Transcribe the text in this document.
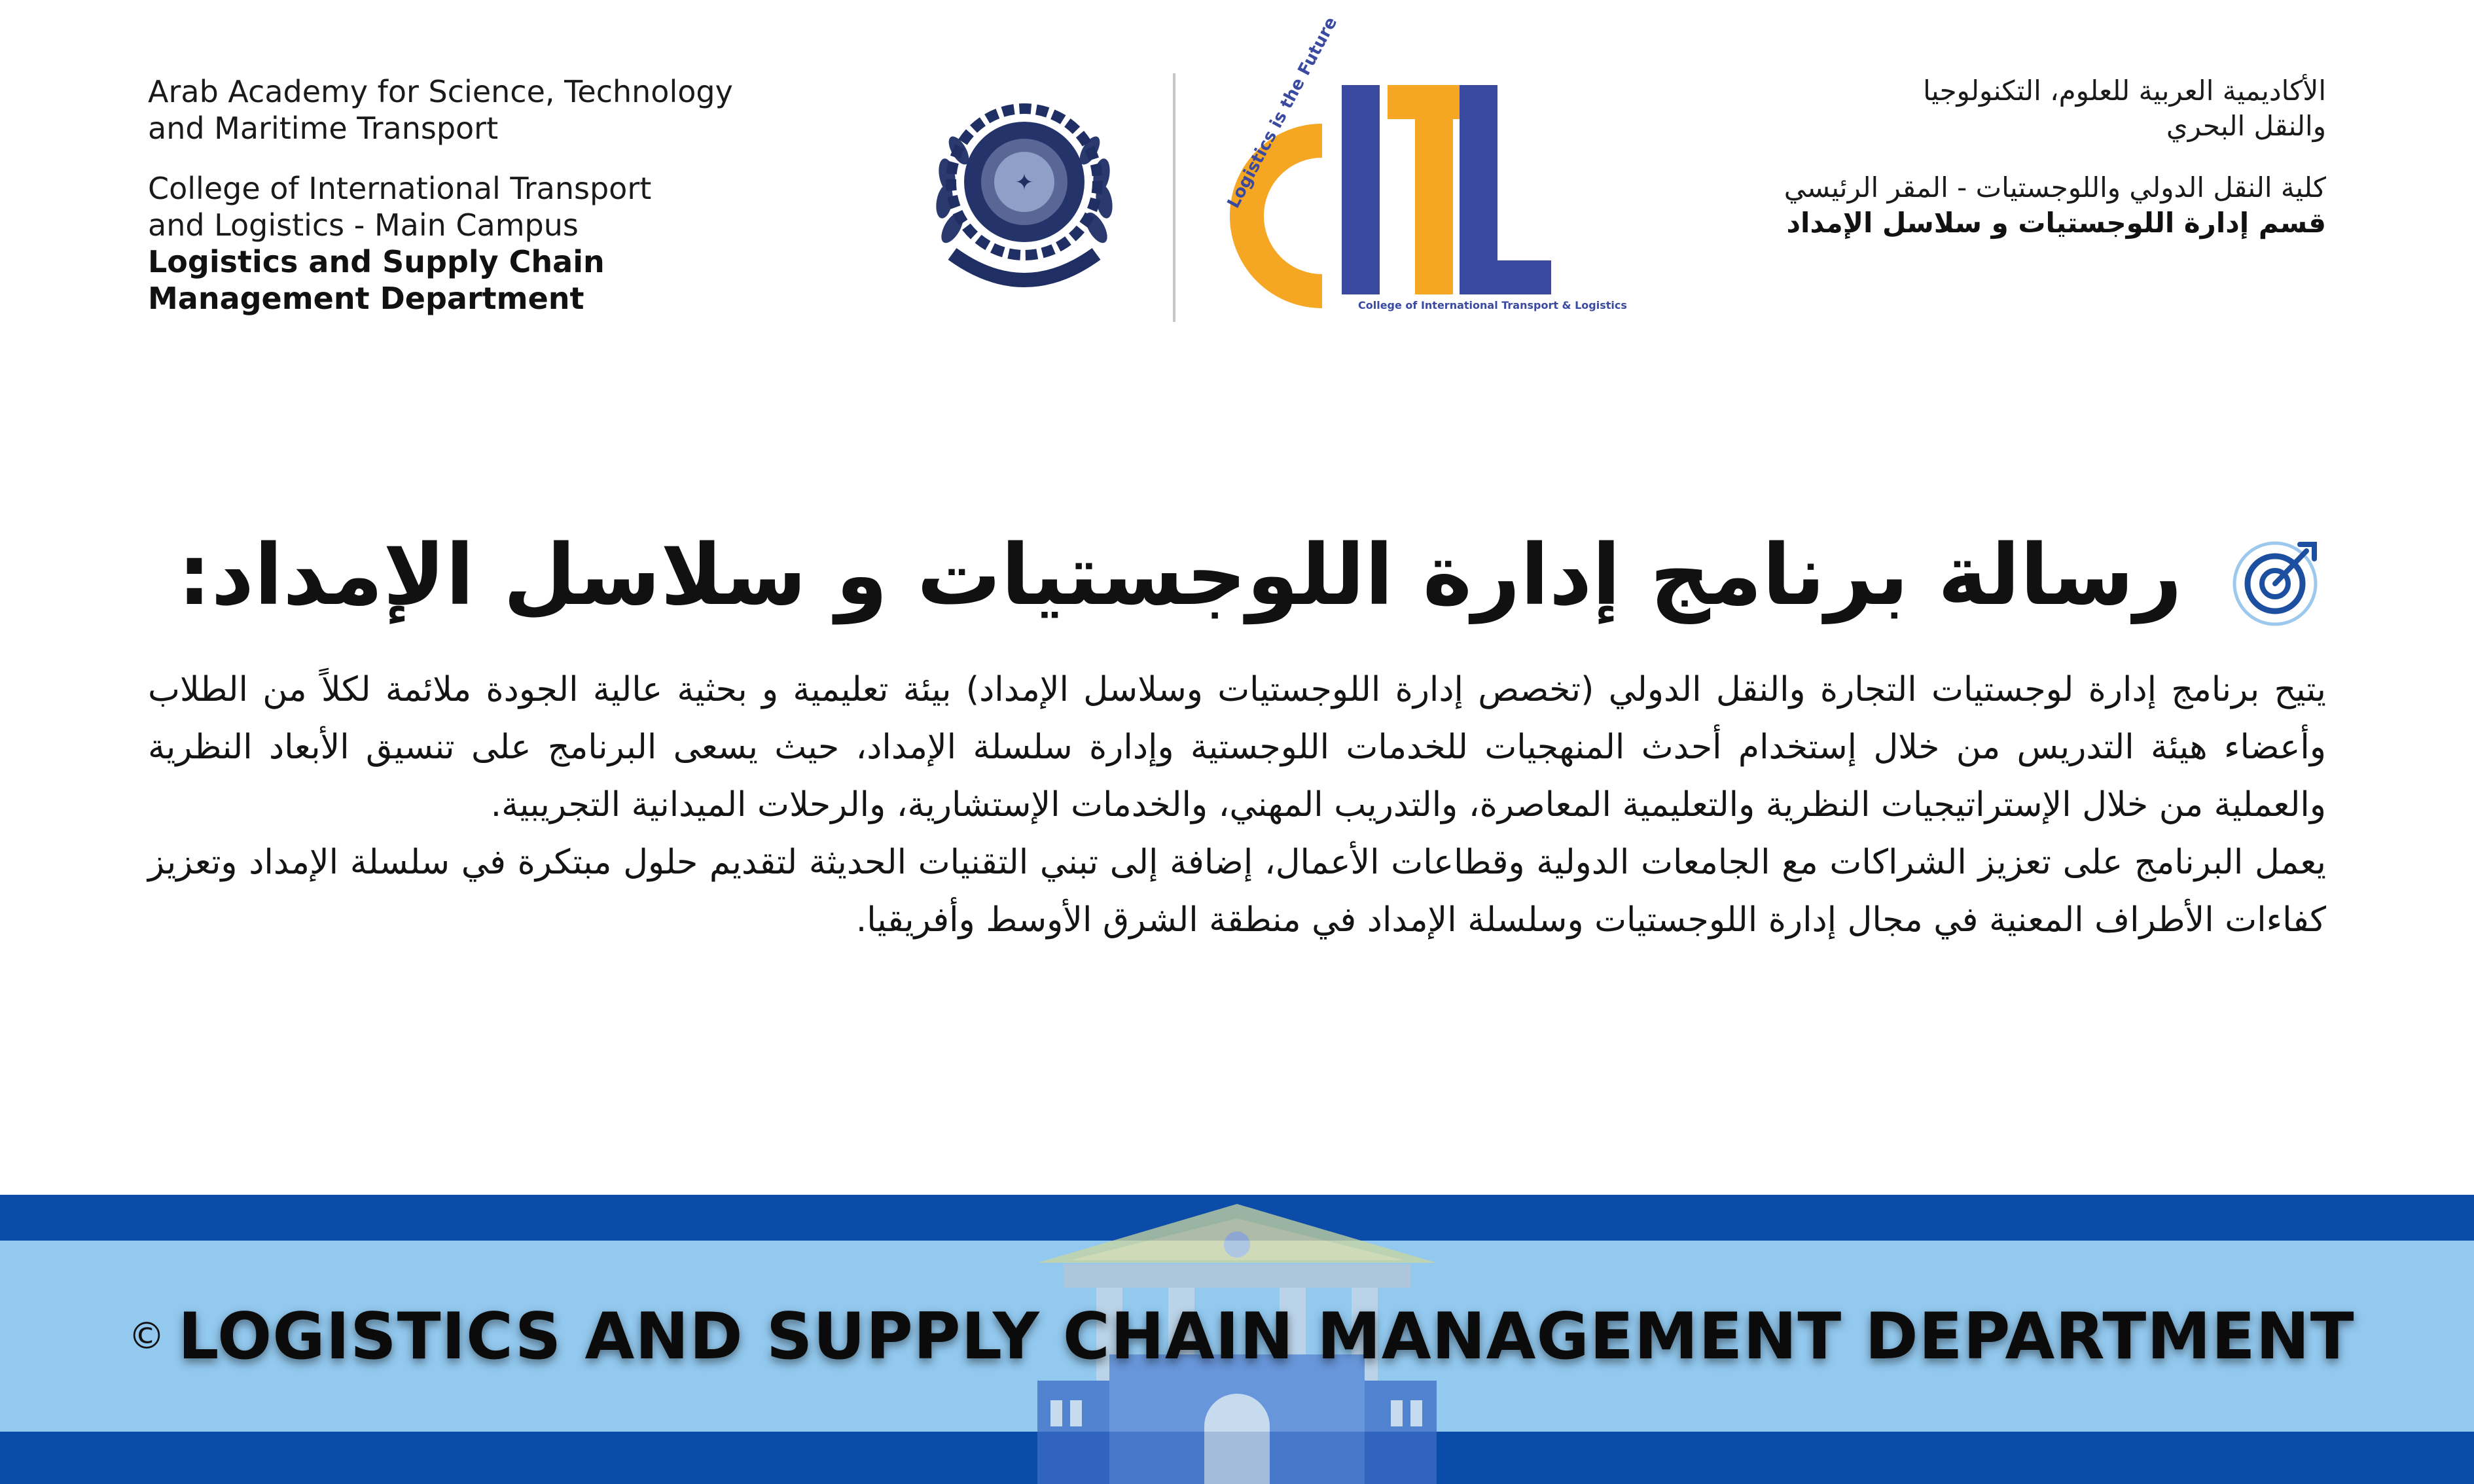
Arab Academy for Science, Technology
and Maritime Transport
College of International Transport
and Logistics - Main Campus
Logistics and Supply Chain
Management Department
✦	Logistics is the Future
College of International Transport & Logistics
الأكاديمية العربية للعلوم، التكنولوجيا
والنقل البحري
كلية النقل الدولي واللوجستيات - المقر الرئيسي
قسم إدارة اللوجستيات و سلاسل الإمداد
رسالة برنامج إدارة اللوجستيات و سلاسل الإمداد:

يتيح برنامج إدارة لوجستيات التجارة والنقل الدولي (تخصص إدارة اللوجستيات وسلاسل الإمداد) بيئة تعليمية و بحثية عالية الجودة ملائمة لكلاً من الطلاب وأعضاء هيئة التدريس من خلال إستخدام أحدث المنهجيات للخدمات اللوجستية وإدارة سلسلة الإمداد، حيث يسعى البرنامج على تنسيق الأبعاد النظرية والعملية من خلال الإستراتيجيات النظرية والتعليمية المعاصرة، والتدريب المهني، والخدمات الإستشارية، والرحلات الميدانية التجريبية.

يعمل البرنامج على تعزيز الشراكات مع الجامعات الدولية وقطاعات الأعمال، إضافة إلى تبني التقنيات الحديثة لتقديم حلول مبتكرة في سلسلة الإمداد وتعزيز كفاءات الأطراف المعنية في مجال إدارة اللوجستيات وسلسلة الإمداد في منطقة الشرق الأوسط وأفريقيا.

© LOGISTICS AND SUPPLY CHAIN MANAGEMENT DEPARTMENT
